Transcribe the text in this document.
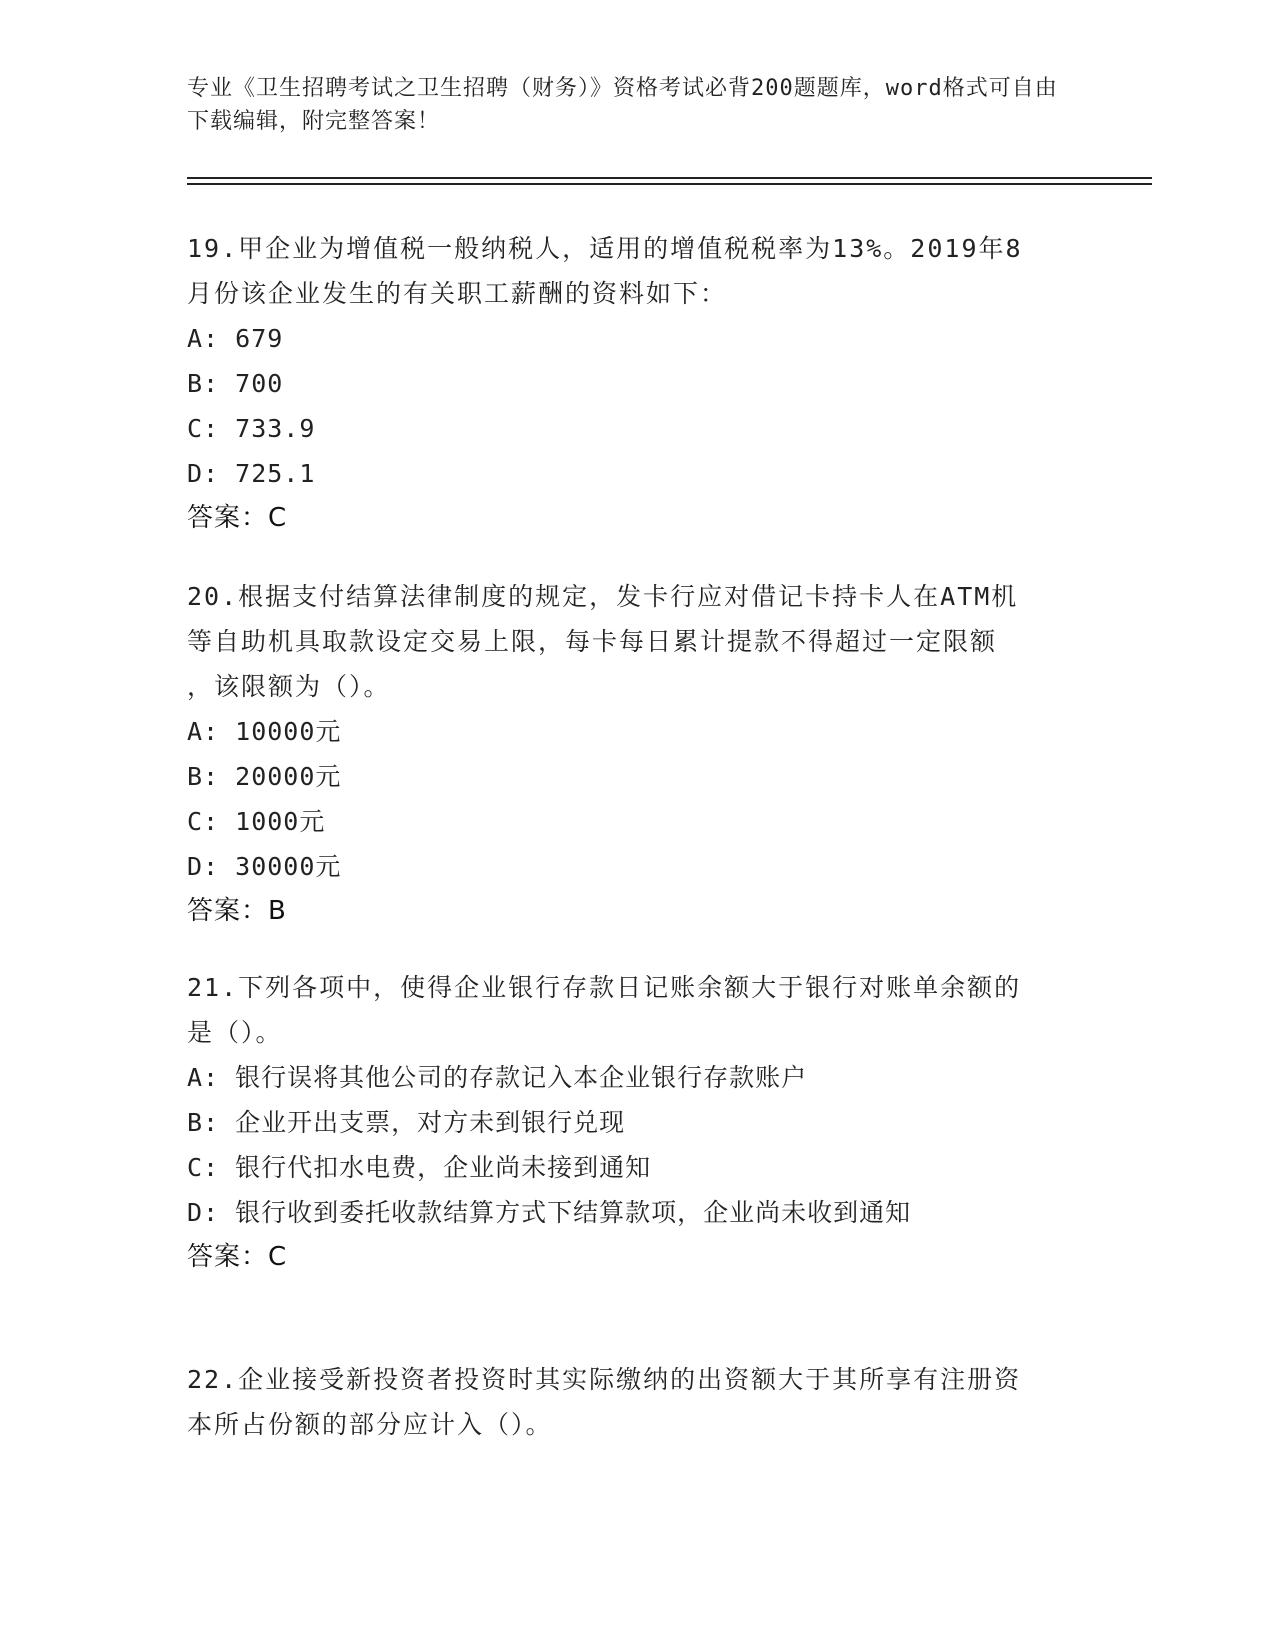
专业《卫生招聘考试之卫生招聘（财务）》资格考试必背200题题库，word格式可自由下载编辑，附完整答案！
19.甲企业为增值税一般纳税人，适用的增值税税率为13%。2019年8
月份该企业发生的有关职工薪酬的资料如下：
A: 679
B: 700
C: 733.9
D: 725.1
答案：C
20.根据支付结算法律制度的规定，发卡行应对借记卡持卡人在ATM机
等自助机具取款设定交易上限，每卡每日累计提款不得超过一定限额
，该限额为（）。
A: 10000元
B: 20000元
C: 1000元
D: 30000元
答案：B
21.下列各项中，使得企业银行存款日记账余额大于银行对账单余额的
是（）。
A: 银行误将其他公司的存款记入本企业银行存款账户
B: 企业开出支票，对方未到银行兑现
C: 银行代扣水电费，企业尚未接到通知
D: 银行收到委托收款结算方式下结算款项，企业尚未收到通知
答案：C
22.企业接受新投资者投资时其实际缴纳的出资额大于其所享有注册资
本所占份额的部分应计入（）。
